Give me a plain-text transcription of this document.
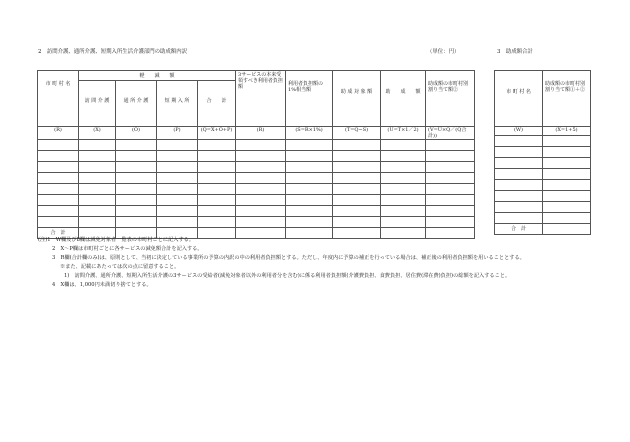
2　訪問介護、通所介護、短期入所生活介護部門の助成額内訳	（単位：円）	3　助成額合計
市 町 村 名	軽　　減　　額				3サービスの本来受領すべき利用者負担額	利用者負担額の1%相当額	助 成 対 象 額	助　　成　　額	助成額の市町村別割り当て額②
	訪 問 介 護	通 所 介 護	短 期 入 所	合　　計					
(R)	(X)	(O)	(P)	(Q=X+O+P)	(R)	(S=R×1%)	(T=Q−S)	(U=T×1／2)	(V=U×Q／(Q合計))

合　計									
市 町 村 名	助成額の市町村別割り当て額①＋②
(W)	(X=1+5)

合　計	
(注)1　W欄及び8欄は減免対象者一覧表の市町村ごとに記入する。
2　X〜P欄は市町村ごとに各サービスの減免額合計を記入する。
3　R欄(合計欄のみ)は、原則として、当初に決定している事業所の予算の内訳の中の利用者負担額とする。ただし、年度内に予算の補正を行っている場合は、補正後の利用者負担額を用いることとする。
※また、記載にあたっては次の点に留意すること。
1)　訪問介護、通所介護、短期入所生活介護の3サービスの受給者(減免対象者以外の利用者分を含む)に係る利用者負担額(介護費負担、食費負担、居住費(滞在費)負担)の総額を記入すること。
4　X欄は、1,000円未満切り捨てとする。
